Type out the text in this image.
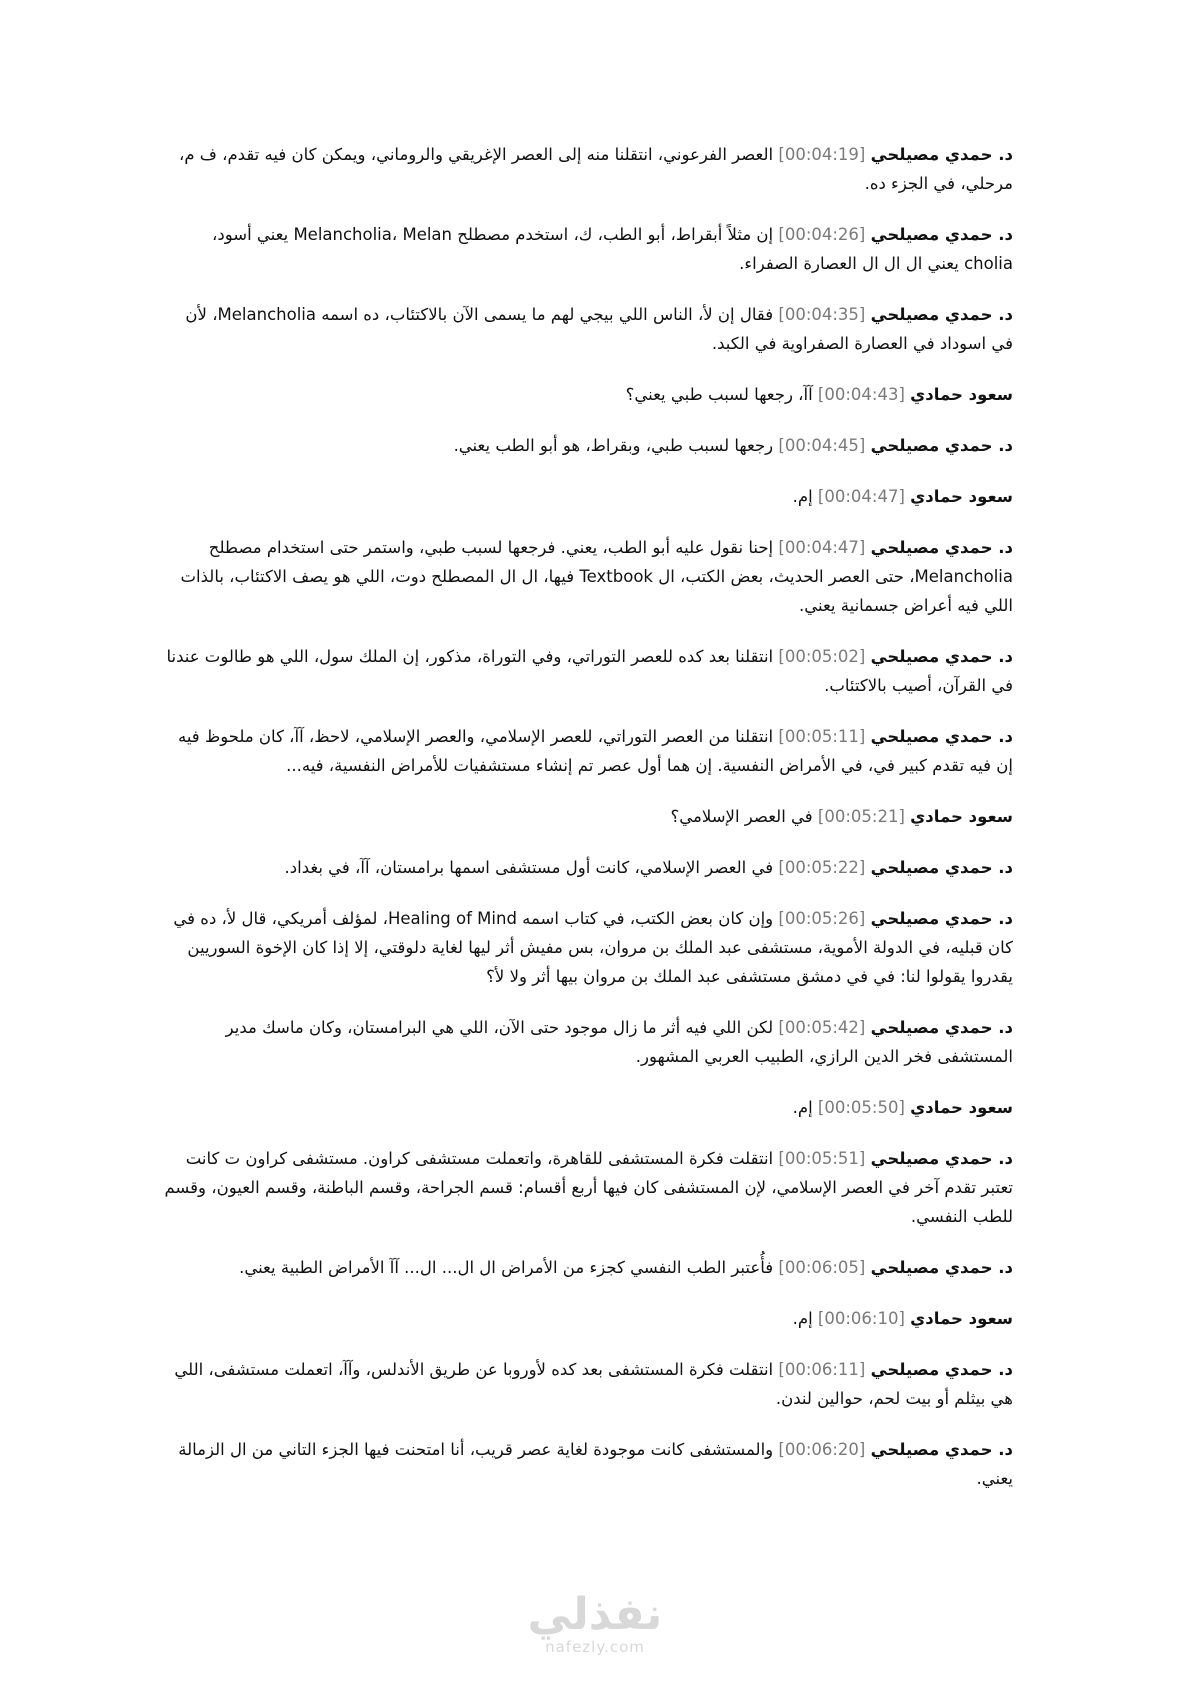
د. حمدي مصيلحي [00:04:19] العصر الفرعوني، انتقلنا منه إلى العصر الإغريقي والروماني، ويمكن كان فيه تقدم، ف م، مرحلي، في الجزء ده.

د. حمدي مصيلحي [00:04:26] إن مثلاً أبقراط، أبو الطب، ك، استخدم مصطلح Melancholia، Melan يعني أسود، cholia يعني ال ال ال العصارة الصفراء.

د. حمدي مصيلحي [00:04:35] فقال إن لأ، الناس اللي بيجي لهم ما يسمى الآن بالاكتئاب، ده اسمه Melancholia، لأن في اسوداد في العصارة الصفراوية في الكبد.

سعود حمادي [00:04:43] آآ، رجعها لسبب طبي يعني؟

د. حمدي مصيلحي [00:04:45] رجعها لسبب طبي، وبقراط، هو أبو الطب يعني.

سعود حمادي [00:04:47] إم.

د. حمدي مصيلحي [00:04:47] إحنا نقول عليه أبو الطب، يعني. فرجعها لسبب طبي، واستمر حتى استخدام مصطلح Melancholia، حتى العصر الحديث، بعض الكتب، ال Textbook فيها، ال ال المصطلح دوت، اللي هو يصف الاكتئاب، بالذات اللي فيه أعراض جسمانية يعني.

د. حمدي مصيلحي [00:05:02] انتقلنا بعد كده للعصر التوراتي، وفي التوراة، مذكور، إن الملك سول، اللي هو طالوت عندنا في القرآن، أصيب بالاكتئاب.

د. حمدي مصيلحي [00:05:11] انتقلنا من العصر التوراتي، للعصر الإسلامي، والعصر الإسلامي، لاحظ، آآ، كان ملحوظ فيه إن فيه تقدم كبير في، في الأمراض النفسية. إن هما أول عصر تم إنشاء مستشفيات للأمراض النفسية، فيه...

سعود حمادي [00:05:21] في العصر الإسلامي؟

د. حمدي مصيلحي [00:05:22] في العصر الإسلامي، كانت أول مستشفى اسمها برامستان، آآ، في بغداد.

د. حمدي مصيلحي [00:05:26] وإن كان بعض الكتب، في كتاب اسمه Healing of Mind، لمؤلف أمريكي، قال لأ، ده في كان قبليه، في الدولة الأموية، مستشفى عبد الملك بن مروان، بس مفيش أثر ليها لغاية دلوقتي، إلا إذا كان الإخوة السوريين يقدروا يقولوا لنا: في في دمشق مستشفى عبد الملك بن مروان بيها أثر ولا لأ؟

د. حمدي مصيلحي [00:05:42] لكن اللي فيه أثر ما زال موجود حتى الآن، اللي هي البرامستان، وكان ماسك مدير المستشفى فخر الدين الرازي، الطبيب العربي المشهور.

سعود حمادي [00:05:50] إم.

د. حمدي مصيلحي [00:05:51] انتقلت فكرة المستشفى للقاهرة، واتعملت مستشفى كراون. مستشفى كراون ت كانت تعتبر تقدم آخر في العصر الإسلامي، لإن المستشفى كان فيها أربع أقسام: قسم الجراحة، وقسم الباطنة، وقسم العيون، وقسم للطب النفسي.

د. حمدي مصيلحي [00:06:05] فأُعتبر الطب النفسي كجزء من الأمراض ال ال... ال... آآ الأمراض الطبية يعني.

سعود حمادي [00:06:10] إم.

د. حمدي مصيلحي [00:06:11] انتقلت فكرة المستشفى بعد كده لأوروبا عن طريق الأندلس، وآآ، اتعملت مستشفى، اللي هي بيثلم أو بيت لحم، حوالين لندن.

د. حمدي مصيلحي [00:06:20] والمستشفى كانت موجودة لغاية عصر قريب، أنا امتحنت فيها الجزء التاني من ال الزمالة يعني.

نفذلي
nafezly.com
